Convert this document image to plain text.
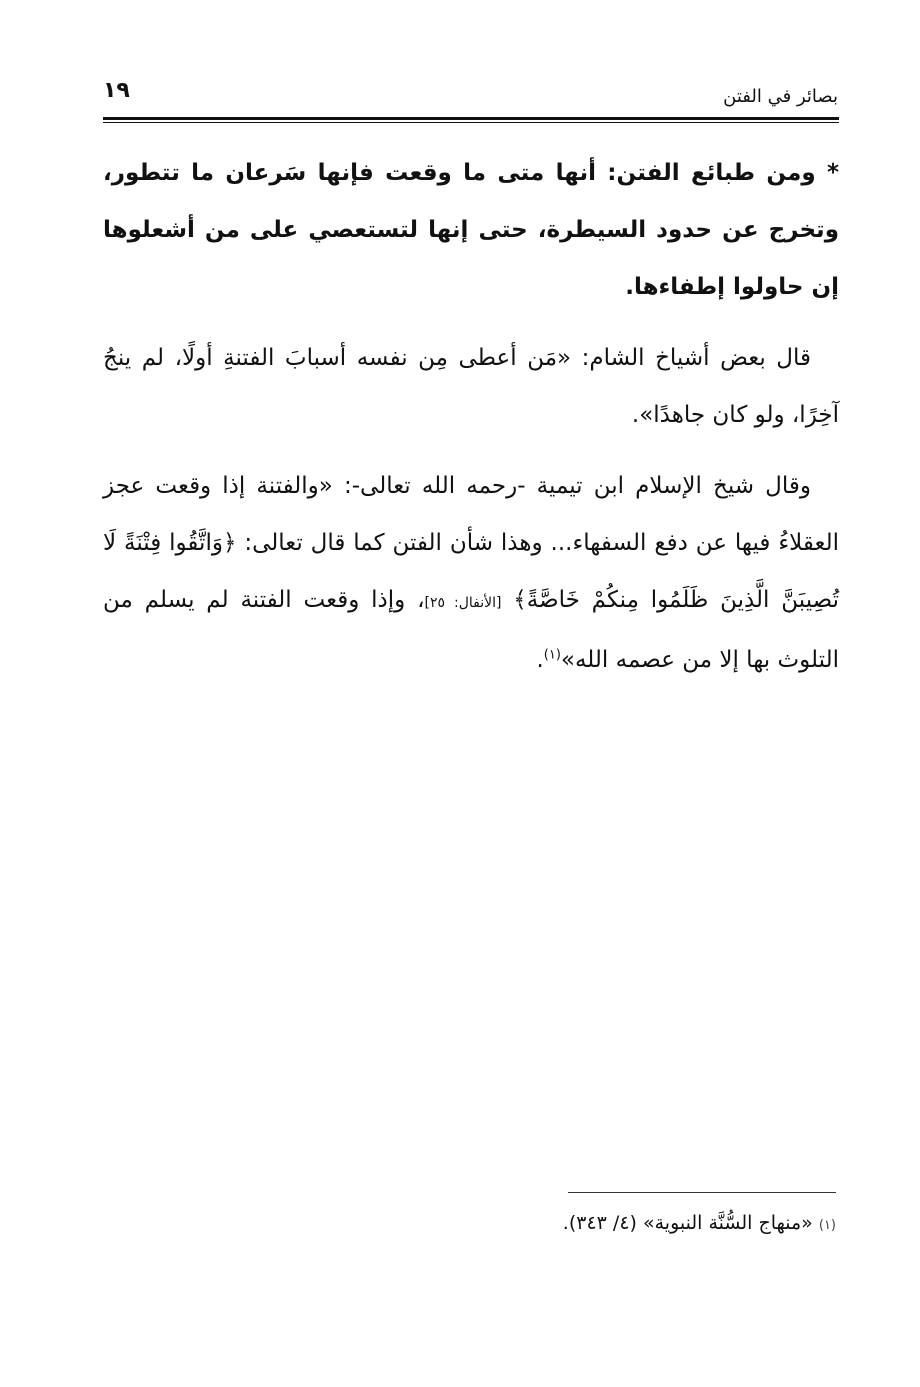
١٩	بصائر في الفتن

* ومن طبائع الفتن: أنها متى ما وقعت فإنها سَرعان ما تتطور، وتخرج عن حدود السيطرة، حتى إنها لتستعصي على من أشعلوها إن حاولوا إطفاءها.

قال بعض أشياخ الشام: «مَن أعطى مِن نفسه أسبابَ الفتنةِ أولًا، لم ينجُ آخِرًا، ولو كان جاهدًا».

وقال شيخ الإسلام ابن تيمية -رحمه الله تعالى-: «والفتنة إذا وقعت عجز العقلاءُ فيها عن دفع السفهاء... وهذا شأن الفتن كما قال تعالى: ﴿وَاتَّقُوا فِتْنَةً لَا تُصِيبَنَّ الَّذِينَ ظَلَمُوا مِنكُمْ خَاصَّةً﴾ [الأنفال: ٢٥]، وإذا وقعت الفتنة لم يسلم من التلوث بها إلا من عصمه الله»$^{(١)}$.

(١) «منهاج السُّنَّة النبوية» (٤/ ٣٤٣).
